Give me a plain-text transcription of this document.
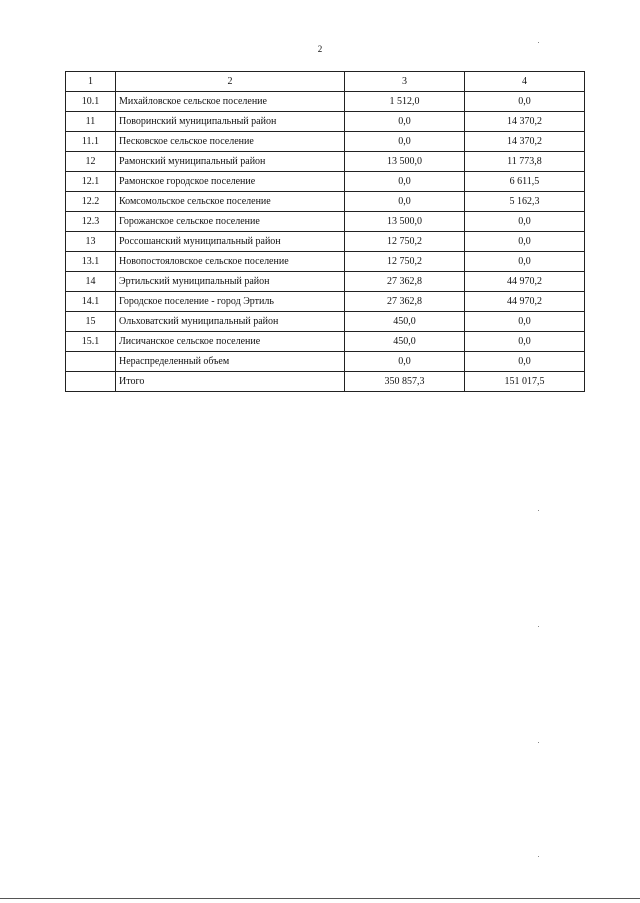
2
1	2	3	4
10.1	Михайловское сельское поселение	1 512,0	0,0
11	Поворинский муниципальный район	0,0	14 370,2
11.1	Песковское сельское поселение	0,0	14 370,2
12	Рамонский муниципальный район	13 500,0	11 773,8
12.1	Рамонское городское поселение	0,0	6 611,5
12.2	Комсомольское сельское поселение	0,0	5 162,3
12.3	Горожанское сельское поселение	13 500,0	0,0
13	Россошанский муниципальный район	12 750,2	0,0
13.1	Новопостояловское сельское поселение	12 750,2	0,0
14	Эртильский муниципальный район	27 362,8	44 970,2
14.1	Городское поселение - город Эртиль	27 362,8	44 970,2
15	Ольховатский муниципальный район	450,0	0,0
15.1	Лисичанское сельское поселение	450,0	0,0
	Нераспределенный объем	0,0	0,0
	Итого	350 857,3	151 017,5
